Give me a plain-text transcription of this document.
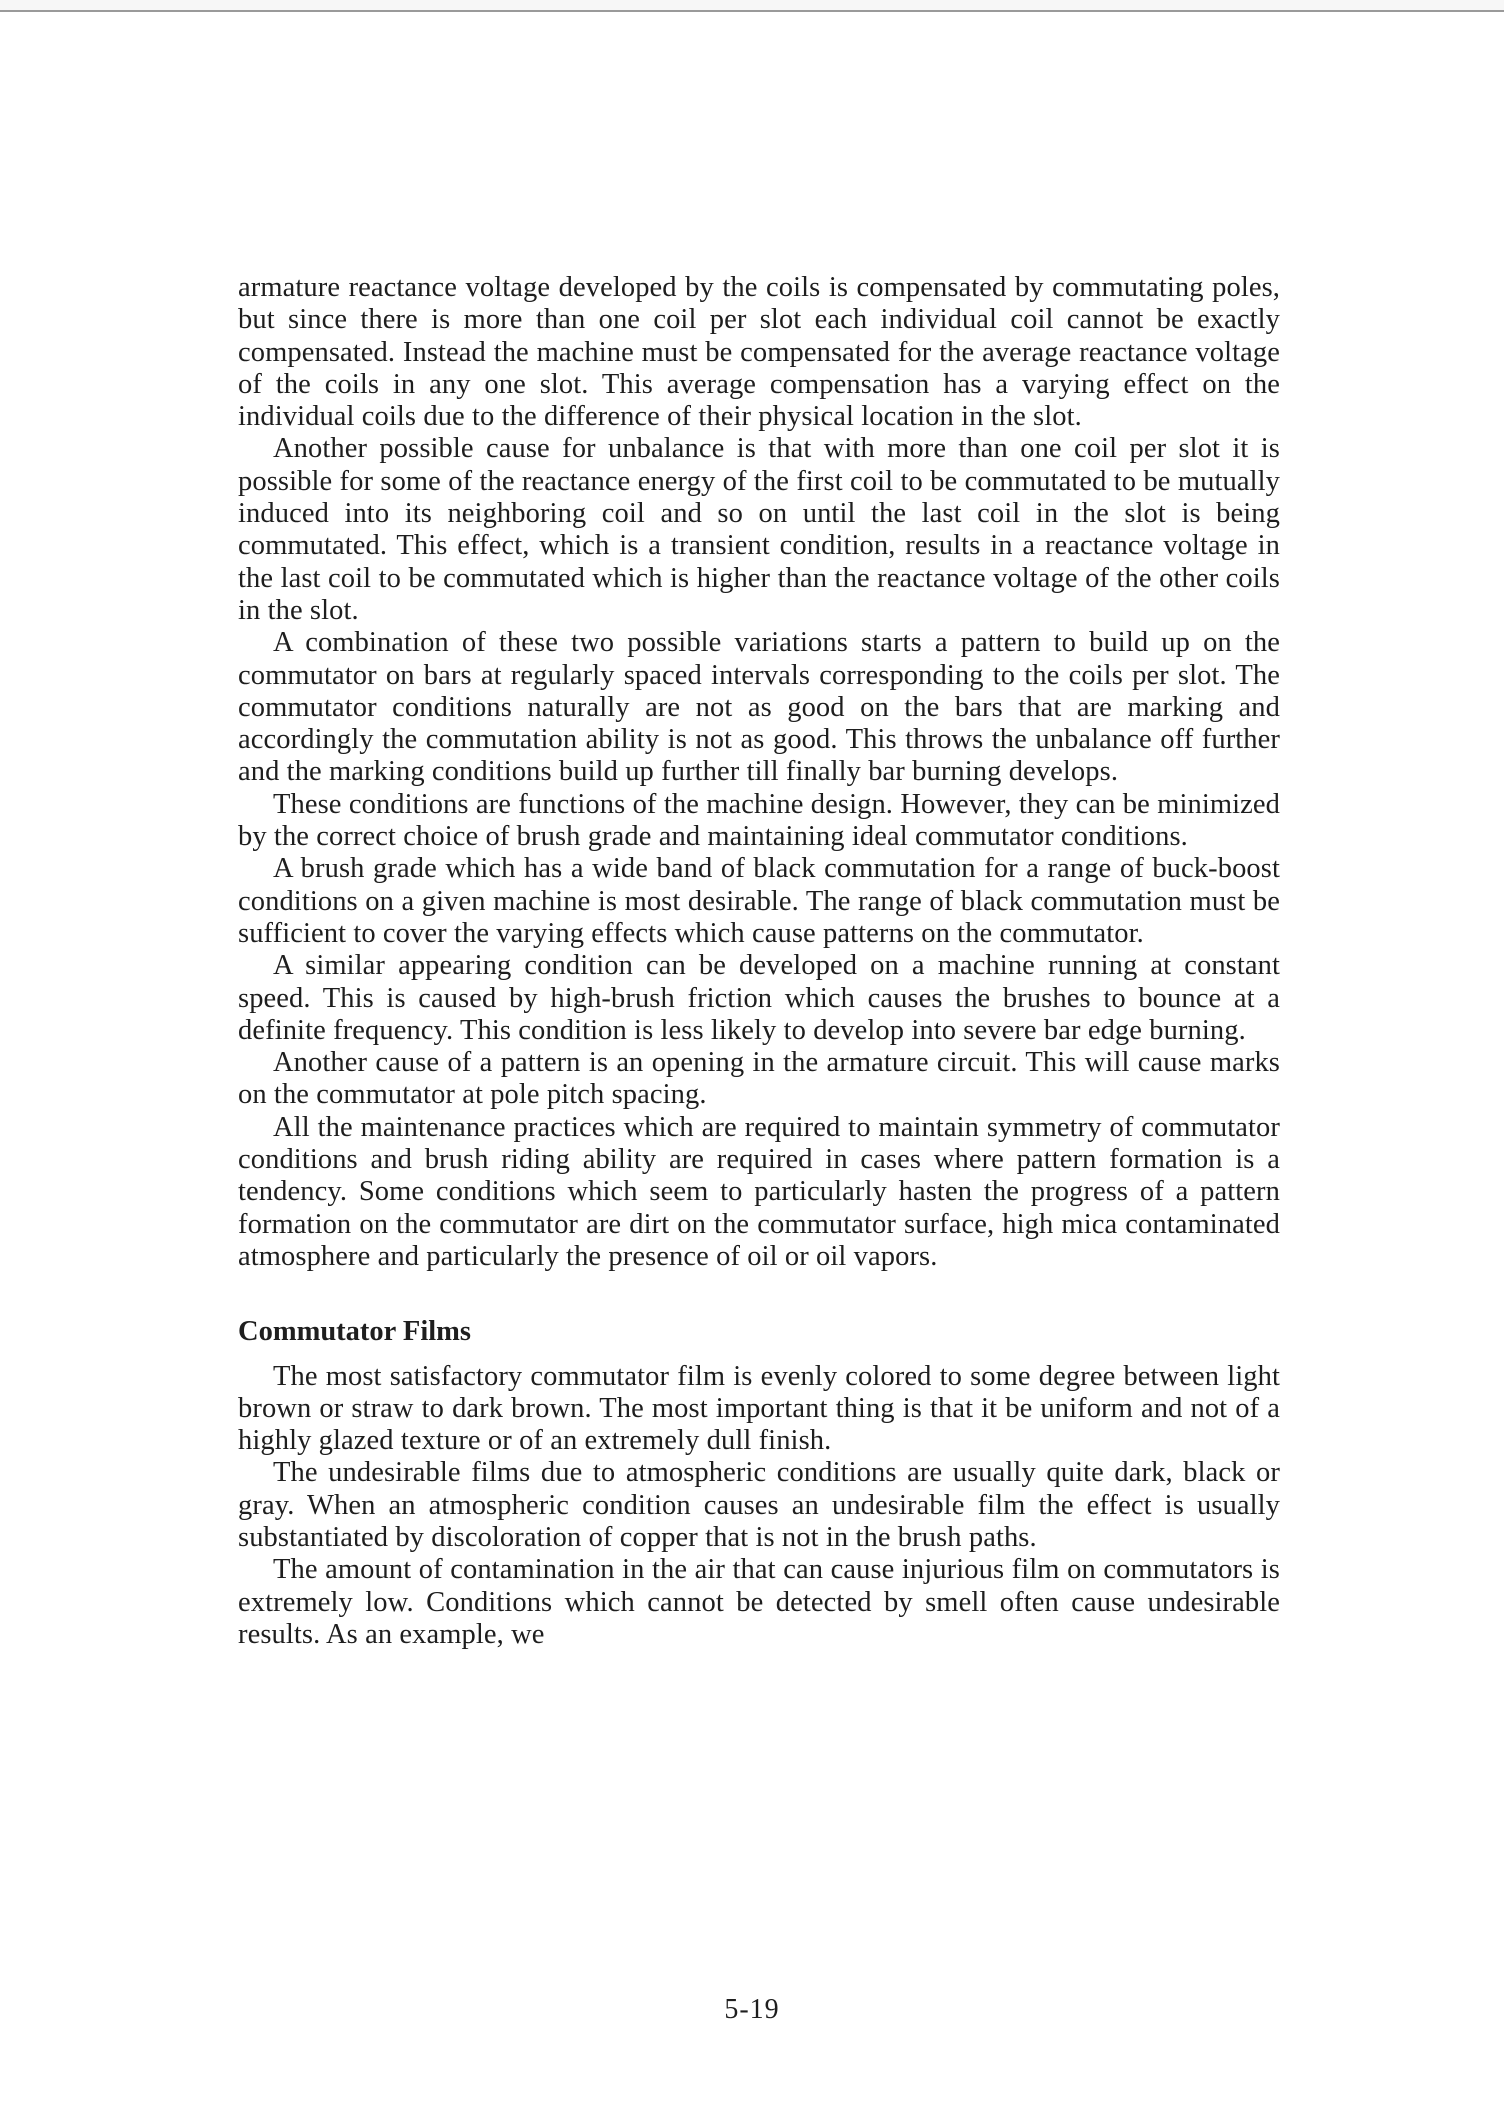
armature reactance voltage developed by the coils is compensated by commutating poles, but since there is more than one coil per slot each individual coil cannot be exactly compensated. Instead the machine must be compensated for the average reactance voltage of the coils in any one slot. This average compensation has a varying effect on the individual coils due to the difference of their physical location in the slot.

Another possible cause for unbalance is that with more than one coil per slot it is possible for some of the reactance energy of the first coil to be commutated to be mutually induced into its neighboring coil and so on until the last coil in the slot is being commutated. This effect, which is a transient condition, results in a reactance voltage in the last coil to be commutated which is higher than the reactance voltage of the other coils in the slot.

A combination of these two possible variations starts a pattern to build up on the commutator on bars at regularly spaced intervals corresponding to the coils per slot. The commutator conditions naturally are not as good on the bars that are marking and accordingly the commutation ability is not as good. This throws the unbalance off further and the marking conditions build up further till finally bar burning develops.

These conditions are functions of the machine design. However, they can be minimized by the correct choice of brush grade and maintaining ideal commutator conditions.

A brush grade which has a wide band of black commutation for a range of buck-boost conditions on a given machine is most desirable. The range of black commutation must be sufficient to cover the varying effects which cause patterns on the commutator.

A similar appearing condition can be developed on a machine running at constant speed. This is caused by high-brush friction which causes the brushes to bounce at a definite frequency. This condition is less likely to develop into severe bar edge burning.

Another cause of a pattern is an opening in the armature circuit. This will cause marks on the commutator at pole pitch spacing.

All the maintenance practices which are required to maintain symmetry of commutator conditions and brush riding ability are required in cases where pattern formation is a tendency. Some conditions which seem to particularly hasten the progress of a pattern formation on the commutator are dirt on the commutator surface, high mica contaminated atmosphere and particularly the presence of oil or oil vapors.

Commutator Films

The most satisfactory commutator film is evenly colored to some degree between light brown or straw to dark brown. The most important thing is that it be uniform and not of a highly glazed texture or of an extremely dull finish.

The undesirable films due to atmospheric conditions are usually quite dark, black or gray. When an atmospheric condition causes an undesirable film the effect is usually substantiated by discoloration of copper that is not in the brush paths.

The amount of contamination in the air that can cause injurious film on commutators is extremely low. Conditions which cannot be detected by smell often cause undesirable results. As an example, we

5-19
